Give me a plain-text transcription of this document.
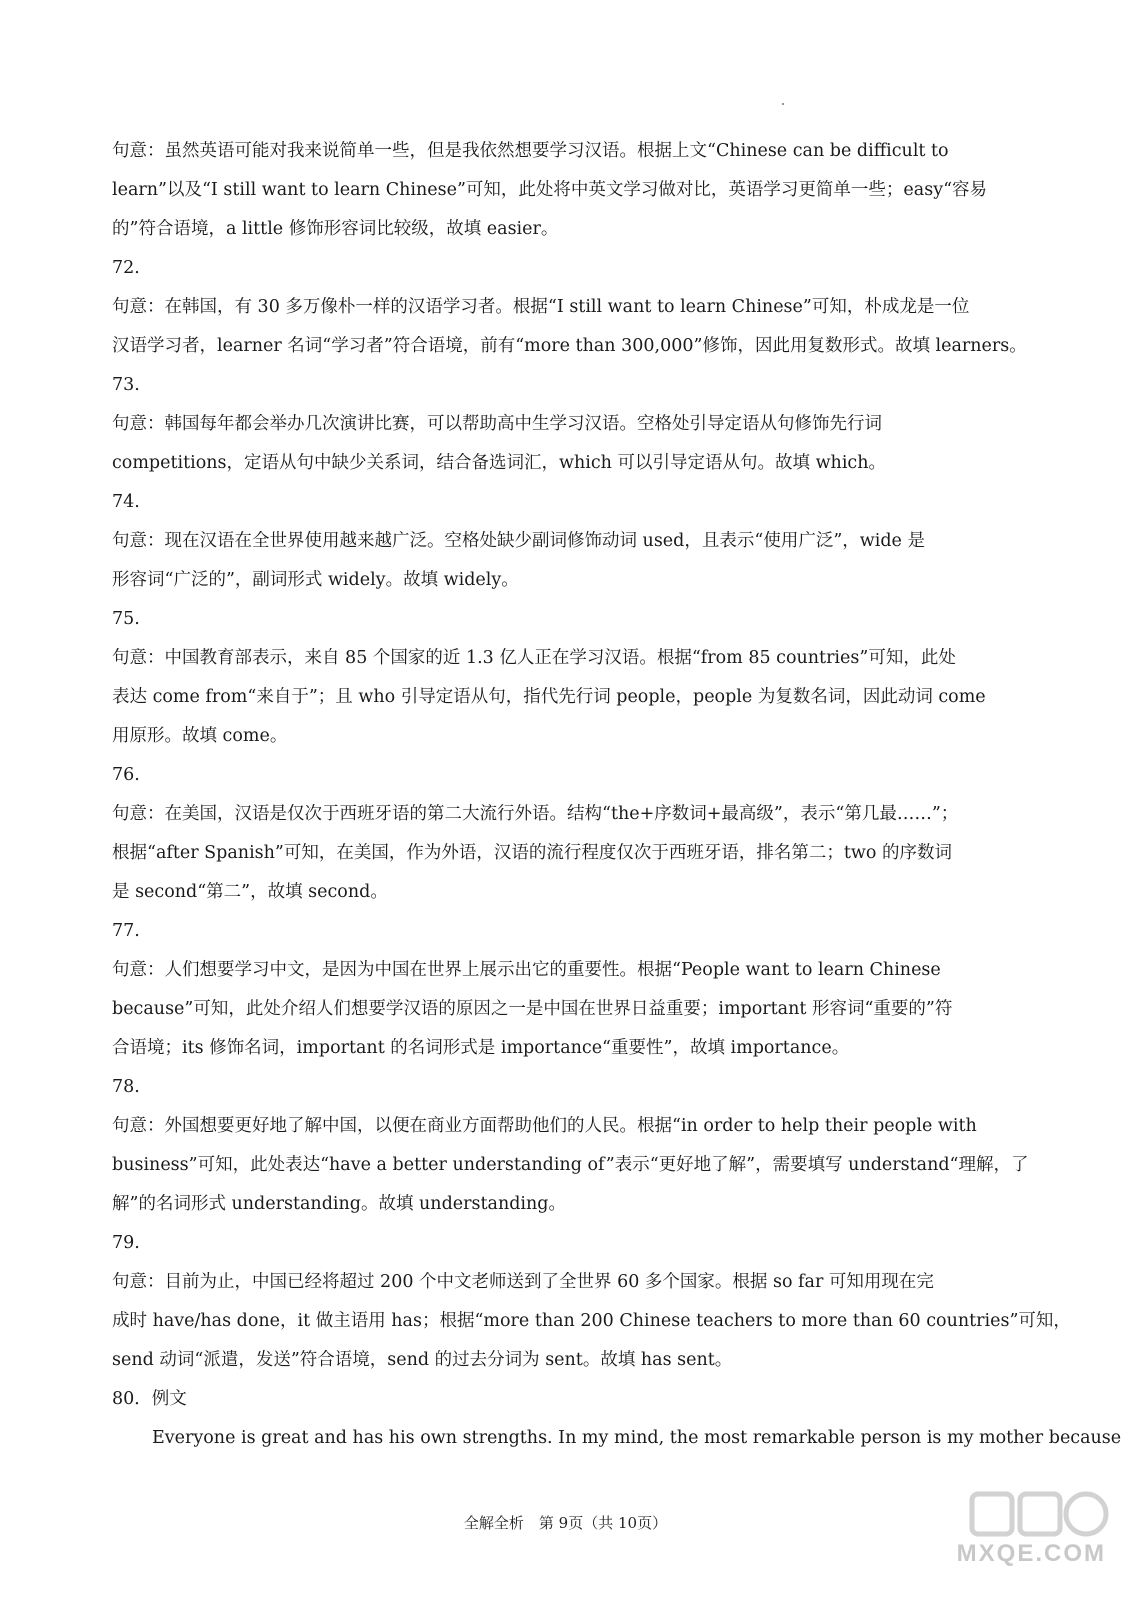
句意：虽然英语可能对我来说简单一些，但是我依然想要学习汉语。根据上文“Chinese can be difficult to
learn”以及“I still want to learn Chinese”可知，此处将中英文学习做对比，英语学习更简单一些；easy“容易
的”符合语境，a little 修饰形容词比较级，故填 easier。
72.
句意：在韩国，有 30 多万像朴一样的汉语学习者。根据“I still want to learn Chinese”可知，朴成龙是一位
汉语学习者，learner 名词“学习者”符合语境，前有“more than 300,000”修饰，因此用复数形式。故填 learners。
73.
句意：韩国每年都会举办几次演讲比赛，可以帮助高中生学习汉语。空格处引导定语从句修饰先行词
competitions，定语从句中缺少关系词，结合备选词汇，which 可以引导定语从句。故填 which。
74.
句意：现在汉语在全世界使用越来越广泛。空格处缺少副词修饰动词 used，且表示“使用广泛”，wide 是
形容词“广泛的”，副词形式 widely。故填 widely。
75.
句意：中国教育部表示，来自 85 个国家的近 1.3 亿人正在学习汉语。根据“from 85 countries”可知，此处
表达 come from“来自于”；且 who 引导定语从句，指代先行词 people，people 为复数名词，因此动词 come
用原形。故填 come。
76.
句意：在美国，汉语是仅次于西班牙语的第二大流行外语。结构“the+序数词+最高级”，表示“第几最……”；
根据“after Spanish”可知，在美国，作为外语，汉语的流行程度仅次于西班牙语，排名第二；two 的序数词
是 second“第二”，故填 second。
77.
句意：人们想要学习中文，是因为中国在世界上展示出它的重要性。根据“People want to learn Chinese
because”可知，此处介绍人们想要学汉语的原因之一是中国在世界日益重要；important 形容词“重要的”符
合语境；its 修饰名词，important 的名词形式是 importance“重要性”，故填 importance。
78.
句意：外国想要更好地了解中国，以便在商业方面帮助他们的人民。根据“in order to help their people with
business”可知，此处表达“have a better understanding of”表示“更好地了解”，需要填写 understand“理解，了
解”的名词形式 understanding。故填 understanding。
79.
句意：目前为止，中国已经将超过 200 个中文老师送到了全世界 60 多个国家。根据 so far 可知用现在完
成时 have/has done，it 做主语用 has；根据“more than 200 Chinese teachers to more than 60 countries”可知，
send 动词“派遣，发送”符合语境，send 的过去分词为 sent。故填 has sent。
80．例文
Everyone is great and has his own strengths. In my mind, the most remarkable person is my mother because
全解全析　第 9页（共 10页）
MXQE.COM
